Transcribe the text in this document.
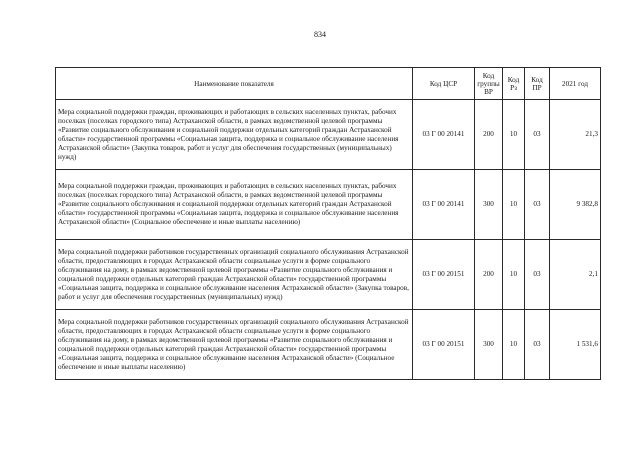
834
Наименование показателя	Код ЦСР	Код группы ВР	Код Рз	Код ПР	2021 год
Мера социальной поддержки граждан, проживающих и работающих в сельских населенных пунктах, рабочих поселках (поселках городского типа) Астраханской области, в рамках ведомственной целевой программы «Развитие социального обслуживания и социальной поддержки отдельных категорий граждан Астраханской области» государственной программы «Социальная защита, поддержка и социальное обслуживание населения Астраханской области» (Закупка товаров, работ и услуг для обеспечения государственных (муниципальных) нужд)	03 Г 00 20141	200	10	03	21,3
Мера социальной поддержки граждан, проживающих и работающих в сельских населенных пунктах, рабочих поселках (поселках городского типа) Астраханской области, в рамках ведомственной целевой программы «Развитие социального обслуживания и социальной поддержки отдельных категорий граждан Астраханской области» государственной программы «Социальная защита, поддержка и социальное обслуживание населения Астраханской области» (Социальное обеспечение и иные выплаты населению)	03 Г 00 20141	300	10	03	9 382,8
Мера социальной поддержки работников государственных организаций социального обслуживания Астраханской области, предоставляющих в городах Астраханской области социальные услуги в форме социального обслуживания на дому, в рамках ведомственной целевой программы «Развитие социального обслуживания и социальной поддержки отдельных категорий граждан Астраханской области» государственной программы «Социальная защита, поддержка и социальное обслуживание населения Астраханской области» (Закупка товаров, работ и услуг для обеспечения государственных (муниципальных) нужд)	03 Г 00 20151	200	10	03	2,1
Мера социальной поддержки работников государственных организаций социального обслуживания Астраханской области, предоставляющих в городах Астраханской области социальные услуги в форме социального обслуживания на дому, в рамках ведомственной целевой программы «Развитие социального обслуживания и социальной поддержки отдельных категорий граждан Астраханской области» государственной программы «Социальная защита, поддержка и социальное обслуживание населения Астраханской области» (Социальное обеспечение и иные выплаты населению)	03 Г 00 20151	300	10	03	1 531,6
